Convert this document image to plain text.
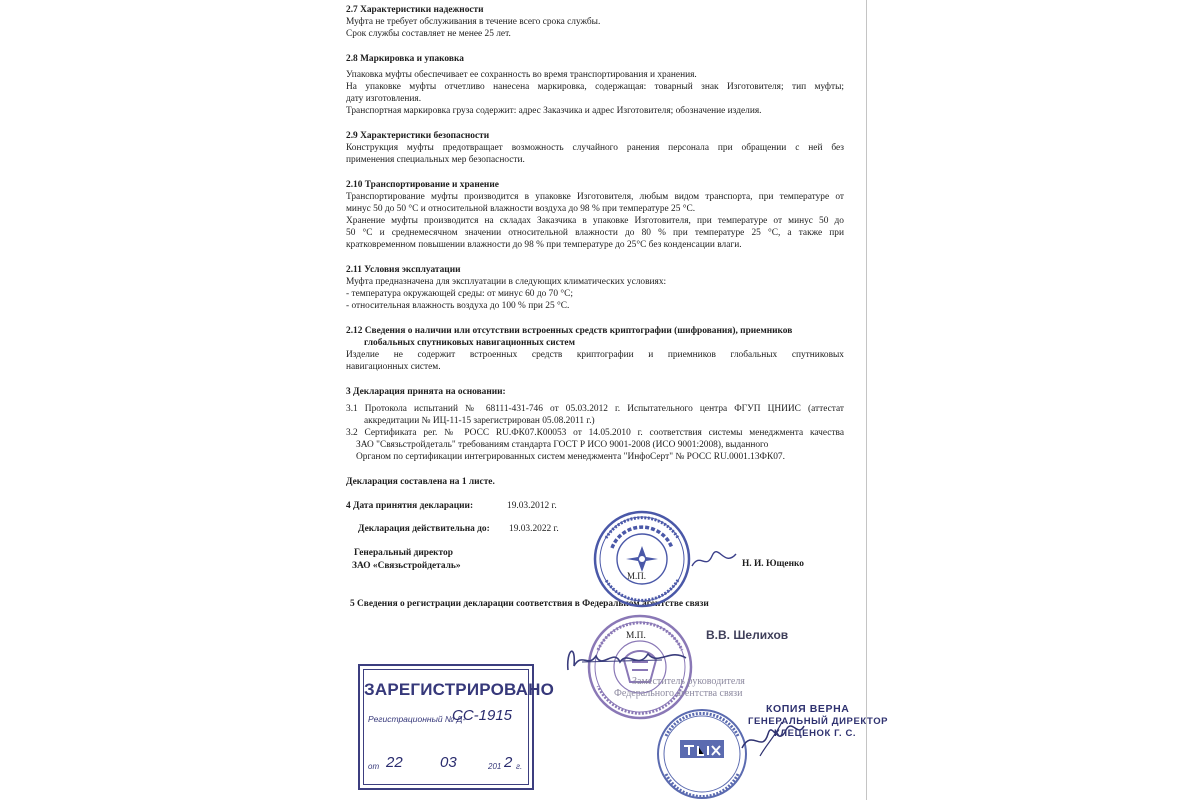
2.7 Характеристики надежности
Муфта не требует обслуживания в течение всего срока службы.
Срок службы составляет не менее 25 лет.
2.8 Маркировка и упаковка
Упаковка муфты обеспечивает ее сохранность во время транспортирования и хранения.
На упаковке муфты отчетливо нанесена маркировка, содержащая: товарный знак Изготовителя; тип муфты;
дату изготовления.
Транспортная маркировка груза содержит: адрес Заказчика и адрес Изготовителя; обозначение изделия.
2.9 Характеристики безопасности
Конструкция муфты предотвращает возможность случайного ранения персонала при обращении с ней без
применения специальных мер безопасности.
2.10 Транспортирование и хранение
Транспортирование муфты производится в упаковке Изготовителя, любым видом транспорта, при температуре от
минус 50 до 50 °С и относительной влажности воздуха до 98 % при температуре 25 °С.
Хранение муфты производится на складах Заказчика в упаковке Изготовителя, при температуре от минус 50 до
50 °С и среднемесячном значении относительной влажности до 80 % при температуре 25 °С, а также при
кратковременном повышении влажности до 98 % при температуре до 25°С без конденсации влаги.
2.11 Условия эксплуатации
Муфта предназначена для эксплуатации в следующих климатических условиях:
- температура окружающей среды: от минус 60 до 70 °С;
- относительная влажность воздуха до 100 % при 25 °С.
2.12 Сведения о наличии или отсутствии встроенных средств криптографии (шифрования), приемников
глобальных спутниковых навигационных систем
Изделие не содержит встроенных средств криптографии и приемников глобальных спутниковых
навигационных систем.
3 Декларация принята на основании:
3.1 Протокола испытаний № 68111-431-746 от 05.03.2012 г. Испытательного центра ФГУП ЦНИИС (аттестат
аккредитации № ИЦ-11-15 зарегистрирован 05.08.2011 г.)
3.2 Сертификата рег. № РОСС RU.ФК07.К00053 от 14.05.2010 г. соответствия системы менеджмента качества
ЗАО "Связьстройдеталь" требованиям стандарта ГОСТ Р ИСО 9001-2008 (ИСО 9001:2008), выданного
Органом по сертификации интегрированных систем менеджмента "ИнфоСерт" № РОСС RU.0001.13ФК07.
Декларация составлена на 1 листе.
4 Дата принятия декларации:	19.03.2012 г.
Декларация действительна до: 19.03.2022 г.
Генеральный директор
ЗАО «Связьстройдеталь»	Н. И. Ющенко
5 Сведения о регистрации декларации соответствия в Федеральном агентстве связи
М.П.
М.П.	В.В. Шелихов
Заместитель руководителя
Федерального агентства связи
ЗАРЕГИСТРИРОВАНО
Регистрационный № Д-
СС-1915
от 22 03	201 2 г.
КОПИЯ ВЕРНА
ГЕНЕРАЛЬНЫЙ ДИРЕКТОР
КЛЕЦЕНОК Г. С.
